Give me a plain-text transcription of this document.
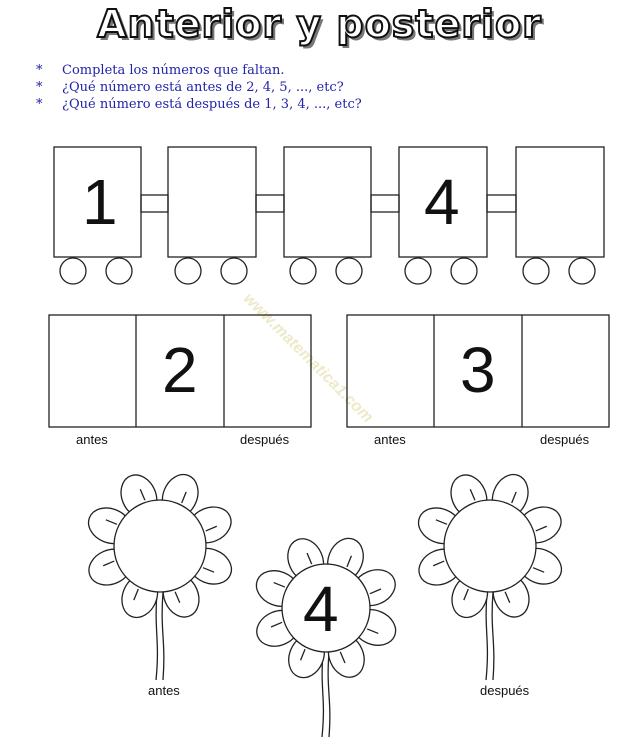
Anterior y posterior
*	Completa los números que faltan.
*	¿Qué número está antes de 2, 4, 5, ..., etc?
*	¿Qué número está después de 1, 3, 4, ..., etc?
www.matematica1.com
1	4
2	3
antes	después	antes	después
4
antes	después
